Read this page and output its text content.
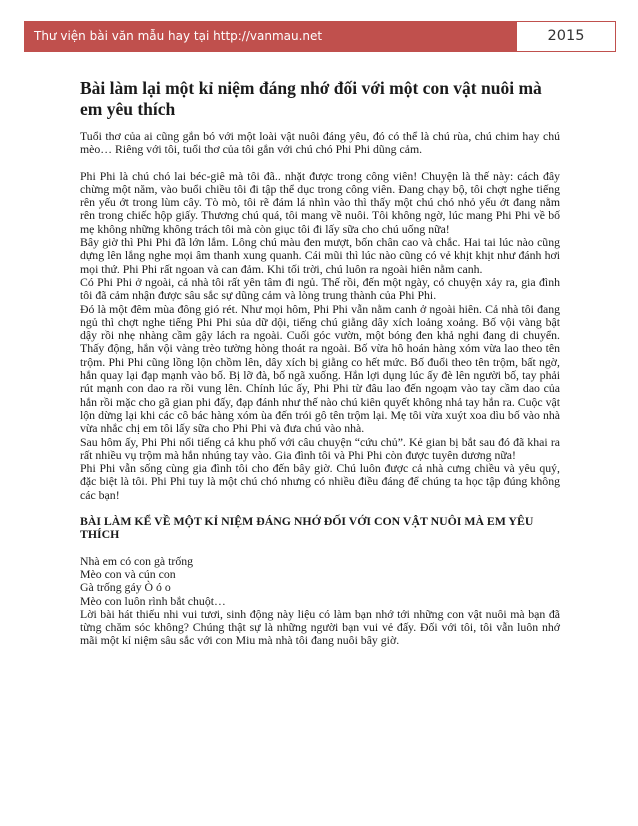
Thư viện bài văn mẫu hay tại http://vanmau.net	2015
Bài làm lại một kỉ niệm đáng nhớ đối với một con vật nuôi mà em yêu thích

Tuổi thơ của ai cũng gắn bó với một loài vật nuôi đáng yêu, đó có thể là chú rùa, chú chim hay chú mèo… Riêng với tôi, tuổi thơ của tôi gắn với chú chó Phi Phi dũng cảm.

Phi Phi là chú chó lai béc-giê mà tôi đã.. nhặt được trong công viên! Chuyện là thế này: cách đây chừng một năm, vào buổi chiều tôi đi tập thể dục trong công viên. Đang chạy bộ, tôi chợt nghe tiếng rên yếu ớt trong lùm cây. Tò mò, tôi rẽ đám lá nhìn vào thì thấy một chú chó nhỏ yếu ớt đang nằm rên trong chiếc hộp giấy. Thương chú quá, tôi mang về nuôi. Tôi không ngờ, lúc mang Phi Phi về bố mẹ không những không trách tôi mà còn giục tôi đi lấy sữa cho chú uống nữa!

Bây giờ thì Phi Phi đã lớn lắm. Lông chú màu đen mượt, bốn chân cao và chắc. Hai tai lúc nào cũng dựng lên lắng nghe mọi âm thanh xung quanh. Cái mũi thì lúc nào cũng có vẻ khịt khịt như đánh hơi mọi thứ. Phi Phi rất ngoan và can đảm. Khi tối trời, chú luôn ra ngoài hiên nằm canh.

Có Phi Phi ở ngoài, cả nhà tôi rất yên tâm đi ngủ. Thế rồi, đến một ngày, có chuyện xảy ra, gia đình tôi đã cảm nhận được sâu sắc sự dũng cảm và lòng trung thành của Phi Phi.

Đó là một đêm mùa đông gió rét. Như mọi hôm, Phi Phi vẫn nằm canh ở ngoài hiên. Cả nhà tôi đang ngủ thì chợt nghe tiếng Phi Phi sủa dữ dội, tiếng chú giằng dây xích loảng xoảng. Bố vội vàng bật dậy rồi nhẹ nhàng cầm gậy lách ra ngoài. Cuối góc vườn, một bóng đen khả nghi đang di chuyển. Thấy động, hắn vội vàng trèo tường hòng thoát ra ngoài. Bố vừa hô hoán hàng xóm vừa lao theo tên trộm. Phi Phi cũng lồng lộn chồm lên, dây xích bị giằng co hết mức. Bố đuổi theo tên trộm, bất ngờ, hắn quay lại đạp mạnh vào bố. Bị lỡ đà, bố ngã xuống. Hắn lợi dụng lúc ấy đè lên người bố, tay phải rút mạnh con dao ra rồi vung lên. Chính lúc ấy, Phi Phi từ đâu lao đến ngoạm vào tay cầm dao của hắn rồi mặc cho gã gian phi đấy, đạp đánh như thế nào chú kiên quyết không nhả tay hắn ra. Cuộc vật lộn dừng lại khi các cô bác hàng xóm ùa đến trói gô tên trộm lại. Mẹ tôi vừa xuýt xoa dìu bố vào nhà vừa nhắc chị em tôi lấy sữa cho Phi Phi và đưa chú vào nhà.

Sau hôm ấy, Phi Phi nổi tiếng cả khu phố với câu chuyện “cứu chủ”. Kẻ gian bị bắt sau đó đã khai ra rất nhiều vụ trộm mà hắn nhúng tay vào. Gia đình tôi và Phi Phi còn được tuyên dương nữa!

Phi Phi vẫn sống cùng gia đình tôi cho đến bây giờ. Chú luôn được cả nhà cưng chiều và yêu quý, đặc biệt là tôi. Phi Phi tuy là một chú chó nhưng có nhiều điều đáng để chúng ta học tập đúng không các bạn!

BÀI LÀM KỂ VỀ MỘT KỈ NIỆM ĐÁNG NHỚ ĐỐI VỚI CON VẬT NUÔI MÀ EM YÊU THÍCH

Nhà em có con gà trống

Mèo con và cún con

Gà trống gáy Ò ó o

Mèo con luôn rình bắt chuột…

Lời bài hát thiếu nhi vui tươi, sinh động này liệu có làm bạn nhớ tới những con vật nuôi mà bạn đã từng chăm sóc không? Chúng thật sự là những người bạn vui vẻ đấy. Đối với tôi, tôi vẫn luôn nhớ mãi một kỉ niệm sâu sắc với con Miu mà nhà tôi đang nuôi bây giờ.
